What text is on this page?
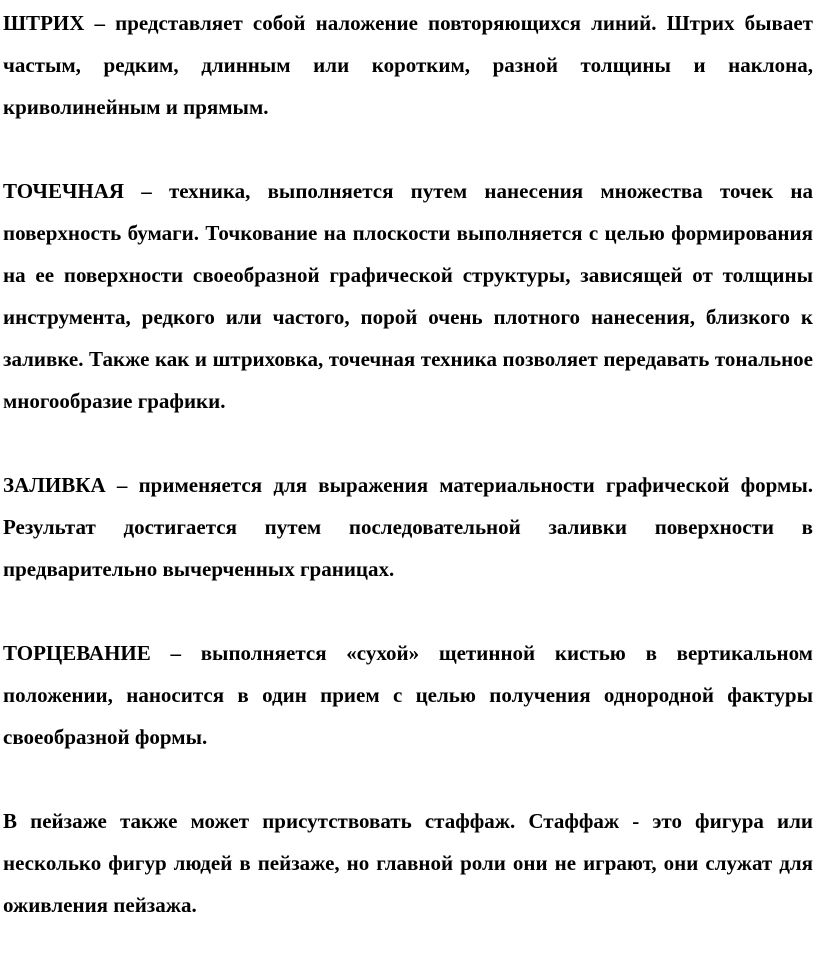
ШТРИХ – представляет собой наложение повторяющихся линий. Штрих бывает частым, редким, длинным или коротким, разной толщины и наклона, криволинейным и прямым.

ТОЧЕЧНАЯ – техника, выполняется путем нанесения множества точек на поверхность бумаги. Точкование на плоскости выполняется с целью формирования на ее поверхности своеобразной графической структуры, зависящей от толщины инструмента, редкого или частого, порой очень плотного нанесения, близкого к заливке. Также как и штриховка, точечная техника позволяет передавать тональное многообразие графики.

ЗАЛИВКА – применяется для выражения материальности графической формы. Результат достигается путем последовательной заливки поверхности в предварительно вычерченных границах.

ТОРЦЕВАНИЕ – выполняется «сухой» щетинной кистью в вертикальном положении, наносится в один прием с целью получения однородной фактуры своеобразной формы.

В пейзаже также может присутствовать стаффаж. Стаффаж - это фигура или несколько фигур людей в пейзаже, но главной роли они не играют, они служат для оживления пейзажа.
